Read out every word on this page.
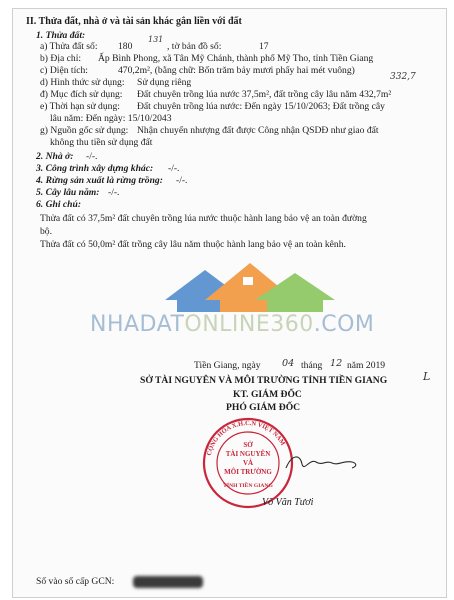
II. Thửa đất, nhà ở và tài sản khác gắn liền với đất
1. Thửa đất:
a) Thửa đất số: 180
131
, tờ bản đồ số:	17
b) Địa chỉ: Ấp Bình Phong, xã Tân Mỹ Chánh, thành phố Mỹ Tho, tỉnh Tiền Giang
c) Diện tích:	470,2m², (bằng chữ: Bốn trăm bảy mươi phẩy hai mét vuông)
332,7
d) Hình thức sử dụng: Sử dụng riêng
đ) Mục đích sử dụng: Đất chuyên trồng lúa nước 37,5m², đất trồng cây lâu năm 432,7m²
e) Thời hạn sử dụng: Đất chuyên trồng lúa nước: Đến ngày 15/10/2063; Đất trồng cây
lâu năm: Đến ngày: 15/10/2043
g) Nguồn gốc sử dụng: Nhận chuyển nhượng đất được Công nhận QSDĐ như giao đất
không thu tiền sử dụng đất
2. Nhà ở: -/-.
3. Công trình xây dựng khác: -/-.
4. Rừng sản xuất là rừng trồng: -/-.
5. Cây lâu năm: -/-.
6. Ghi chú:
Thửa đất có 37,5m² đất chuyên trồng lúa nước thuộc hành lang bảo vệ an toàn đường
bộ.
Thửa đất có 50,0m² đất trồng cây lâu năm thuộc hành lang bảo vệ an toàn kênh.
NHADATONLINE360.COM
Tiền Giang, ngày 04 tháng 12 năm 2019
SỞ TÀI NGUYÊN VÀ MÔI TRƯỜNG TỈNH TIỀN GIANG	L
KT. GIÁM ĐỐC
PHÓ GIÁM ĐỐC
CỘNG HÒA X.H.C.N VIỆT NAM
SỞ
TÀI NGUYÊN
VÀ
MÔI TRƯỜNG
TỈNH TIỀN GIANG
Võ Văn Tươi
Số vào sổ cấp GCN:
